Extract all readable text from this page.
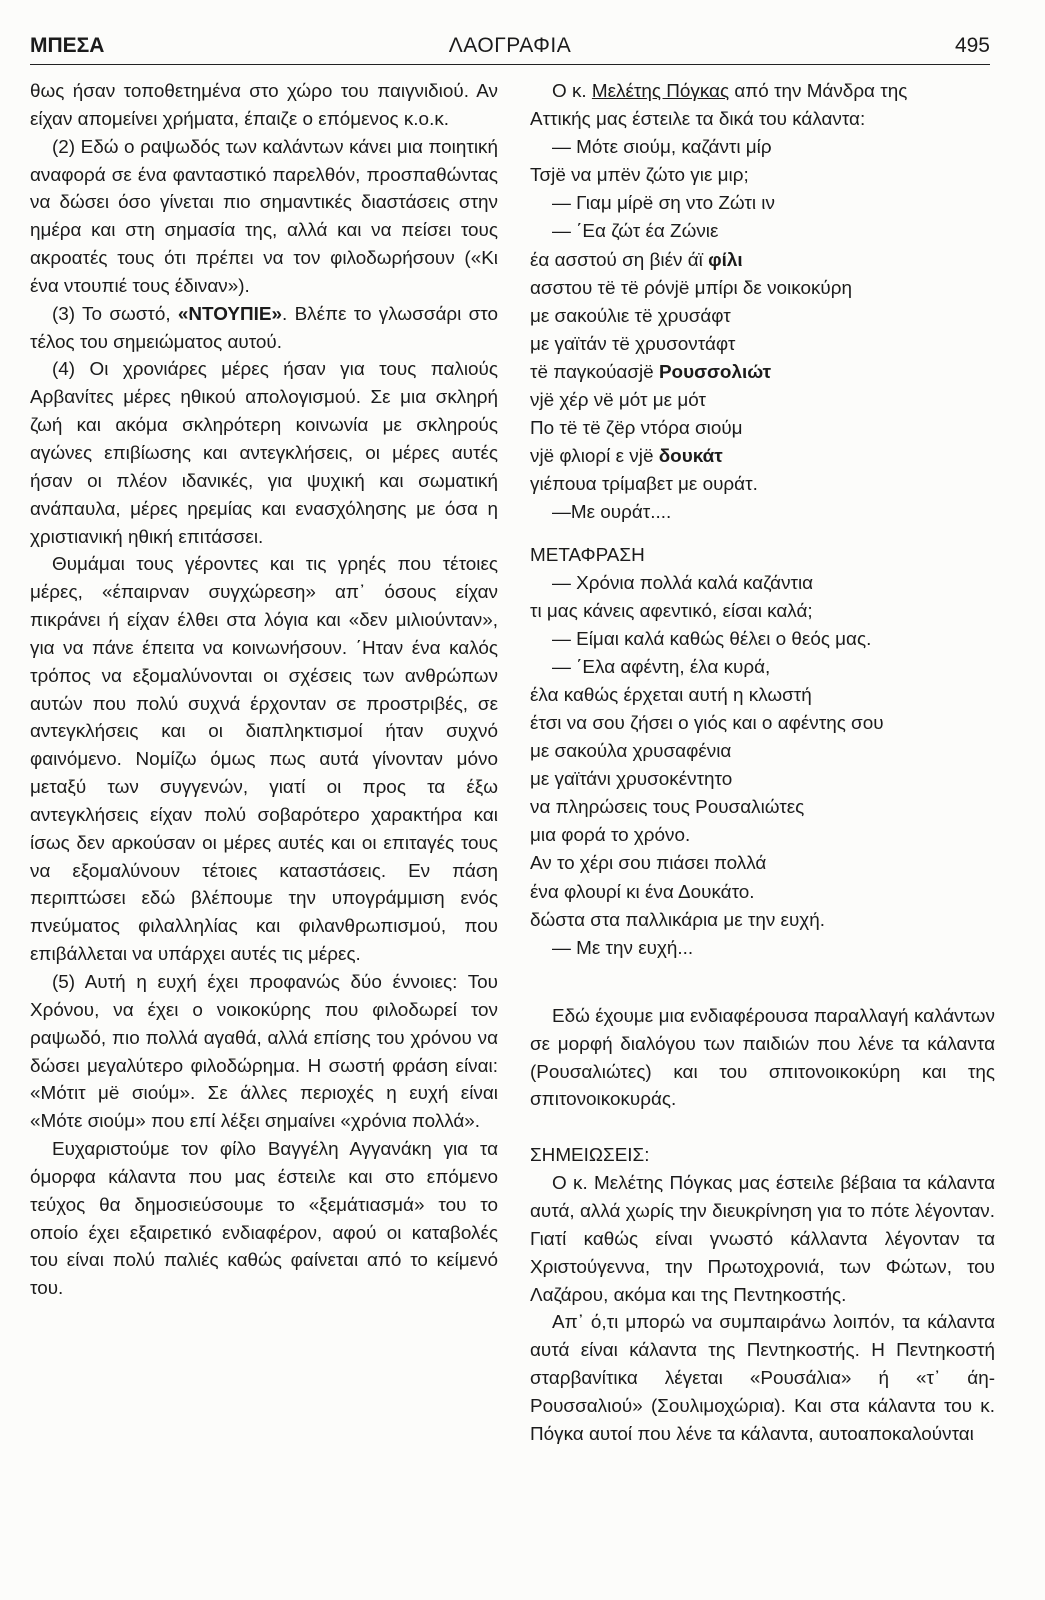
ΜΠΕΣΑ	ΛΑΟΓΡΑΦΙΑ	495

θως ήσαν τοποθετημένα στο χώρο του παιγνιδιού. Αν είχαν απομείνει χρήματα, έπαιζε ο επόμενος κ.ο.κ.

(2) Εδώ ο ραψωδός των καλάντων κάνει μια ποιητική αναφορά σε ένα φανταστικό παρελθόν, προσπαθώντας να δώσει όσο γίνεται πιο σημαντικές διαστάσεις στην ημέρα και στη σημασία της, αλλά και να πείσει τους ακροατές τους ότι πρέπει να τον φιλοδωρήσουν («Κι ένα ντουπιέ τους έδιναν»).

(3) Το σωστό, «ΝΤΟΥΠΙΕ». Βλέπε το γλωσσάρι στο τέλος του σημειώματος αυτού.

(4) Οι χρονιάρες μέρες ήσαν για τους παλιούς Αρβανίτες μέρες ηθικού απολογισμού. Σε μια σκληρή ζωή και ακόμα σκληρότερη κοινωνία με σκληρούς αγώνες επιβίωσης και αντεγκλήσεις, οι μέρες αυτές ήσαν οι πλέον ιδανικές, για ψυχική και σωματική ανάπαυλα, μέρες ηρεμίας και ενασχόλησης με όσα η χριστιανική ηθική επιτάσσει.

Θυμάμαι τους γέροντες και τις γρηές που τέτοιες μέρες, «έπαιρναν συγχώρεση» απ᾽ όσους είχαν πικράνει ή είχαν έλθει στα λόγια και «δεν μιλιούνταν», για να πάνε έπειτα να κοινωνήσουν. ΄Ηταν ένα καλός τρόπος να εξομαλύνονται οι σχέσεις των ανθρώπων αυτών που πολύ συχνά έρχονταν σε προστριβές, σε αντεγκλήσεις και οι διαπληκτισμοί ήταν συχνό φαινόμενο. Νομίζω όμως πως αυτά γίνονταν μόνο μεταξύ των συγγενών, γιατί οι προς τα έξω αντεγκλήσεις είχαν πολύ σοβαρότερο χαρακτήρα και ίσως δεν αρκούσαν οι μέρες αυτές και οι επιταγές τους να εξομαλύνουν τέτοιες καταστάσεις. Εν πάση περιπτώσει εδώ βλέπουμε την υπογράμμιση ενός πνεύματος φιλαλληλίας και φιλανθρωπισμού, που επιβάλλεται να υπάρχει αυτές τις μέρες.

(5) Αυτή η ευχή έχει προφανώς δύο έννοιες: Του Χρόνου, να έχει ο νοικοκύρης που φιλοδωρεί τον ραψωδό, πιο πολλά αγαθά, αλλά επίσης του χρόνου να δώσει μεγαλύτερο φιλοδώρημα. Η σωστή φράση είναι: «Μότιτ μë σιούμ». Σε άλλες περιοχές η ευχή είναι «Μότε σιούμ» που επί λέξει σημαίνει «χρόνια πολλά».

Ευχαριστούμε τον φίλο Βαγγέλη Αγγανάκη για τα όμορφα κάλαντα που μας έστειλε και στο επόμενο τεύχος θα δημοσιεύσουμε το «ξεμάτιασμά» του το οποίο έχει εξαιρετικό ενδιαφέρον, αφού οι καταβολές του είναι πολύ παλιές καθώς φαίνεται από το κείμενό του.

Ο κ. Μελέτης Πόγκας από την Μάνδρα της
Αττικής μας έστειλε τα δικά του κάλαντα:
— Μότε σιούμ, καζάντι μίρ
Τσjë να μπëν ζώτο γιε μιρ;
— Γιαμ μίρë ση ντο Ζώτι ιν
— ΄Εα ζώτ έα Ζώνιε
έα ασστού ση βιέν άϊ φίλι
ασστου τë τë ρόνjë μπίρι δε νοικοκύρη
με σακούλιε τë χρυσάφτ
με γαϊτάν τë χρυσοντάφτ
τë παγκούασjë Ρουσσολιώτ
νjë χέρ νë μότ με μότ
Πο τë τë ζëρ ντόρα σιούμ
νjë φλιορί ε νjë δουκάτ
γιέπουα τρίμαβετ με ουράτ.
—Με ουράτ....
ΜΕΤΑΦΡΑΣΗ
— Χρόνια πολλά καλά καζάντια
τι μας κάνεις αφεντικό, είσαι καλά;
— Είμαι καλά καθώς θέλει ο θεός μας.
— ΄Ελα αφέντη, έλα κυρά,
έλα καθώς έρχεται αυτή η κλωστή
έτσι να σου ζήσει ο γιός και ο αφέντης σου
με σακούλα χρυσαφένια
με γαϊτάνι χρυσοκέντητο
να πληρώσεις τους Ρουσαλιώτες
μια φορά το χρόνο.
Αν το χέρι σου πιάσει πολλά
ένα φλουρί κι ένα Δουκάτο.
δώστα στα παλλικάρια με την ευχή.
— Με την ευχή...

Εδώ έχουμε μια ενδιαφέρουσα παραλλαγή καλάντων σε μορφή διαλόγου των παιδιών που λένε τα κάλαντα (Ρουσαλιώτες) και του σπιτονοικοκύρη και της σπιτονοικοκυράς.

ΣΗΜΕΙΩΣΕΙΣ:

Ο κ. Μελέτης Πόγκας μας έστειλε βέβαια τα κάλαντα αυτά, αλλά χωρίς την διευκρίνηση για το πότε λέγονταν. Γιατί καθώς είναι γνωστό κάλλαντα λέγονταν τα Χριστούγεννα, την Πρωτοχρονιά, των Φώτων, του Λαζάρου, ακόμα και της Πεντηκοστής.

Απ᾽ ό,τι μπορώ να συμπαιράνω λοιπόν, τα κάλαντα αυτά είναι κάλαντα της Πεντηκοστής. Η Πεντηκοστή σταρβανίτικα λέγεται «Ρουσάλια» ή «τ᾽ άη-Ρουσσαλιού» (Σουλιμοχώρια). Και στα κάλαντα του κ. Πόγκα αυτοί που λένε τα κάλαντα, αυτοαποκαλούνται
